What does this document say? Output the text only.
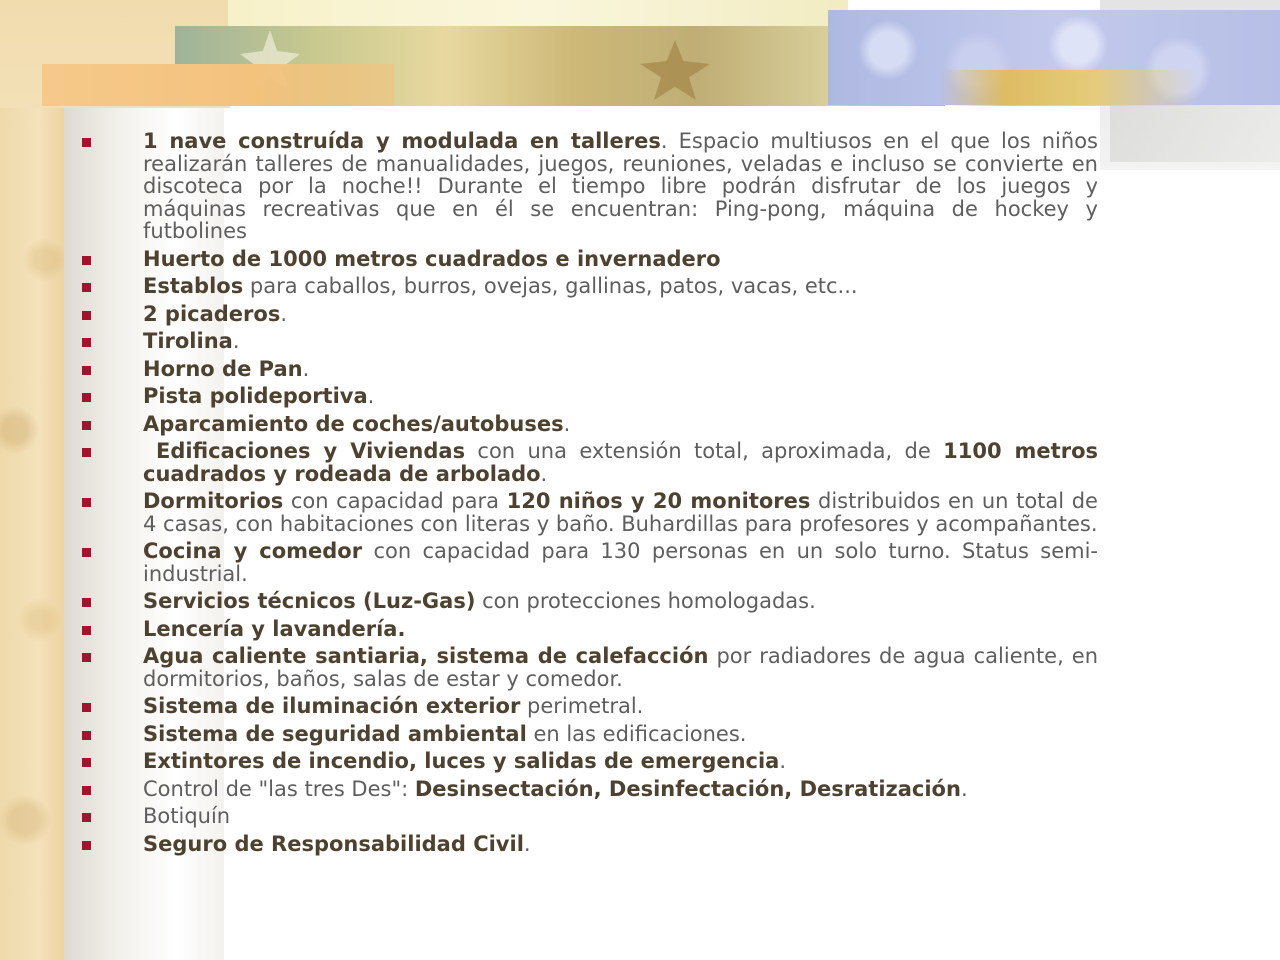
1 nave construída y modulada en talleres. Espacio multiusos en el que los niños realizarán talleres de manualidades, juegos, reuniones, veladas e incluso se convierte en discoteca por la noche!! Durante el tiempo libre podrán disfrutar de los juegos y máquinas recreativas que en él se encuentran: Ping-pong, máquina de hockey y futbolines
Huerto de 1000 metros cuadrados e invernadero
Establos para caballos, burros, ovejas, gallinas, patos, vacas, etc...
2 picaderos.
Tirolina.
Horno de Pan.
Pista polideportiva.
Aparcamiento de coches/autobuses.
Edificaciones y Viviendas con una extensión total, aproximada, de 1100 metros cuadrados y rodeada de arbolado.
Dormitorios con capacidad para 120 niños y 20 monitores distribuidos en un total de 4 casas, con habitaciones con literas y baño. Buhardillas para profesores y acompañantes.
Cocina y comedor con capacidad para 130 personas en un solo turno. Status semi-industrial.
Servicios técnicos (Luz-Gas) con protecciones homologadas.
Lencería y lavandería.
Agua caliente santiaria, sistema de calefacción por radiadores de agua caliente, en dormitorios, baños, salas de estar y comedor.
Sistema de iluminación exterior perimetral.
Sistema de seguridad ambiental en las edificaciones.
Extintores de incendio, luces y salidas de emergencia.
Control de "las tres Des": Desinsectación, Desinfectación, Desratización.
Botiquín
Seguro de Responsabilidad Civil.
